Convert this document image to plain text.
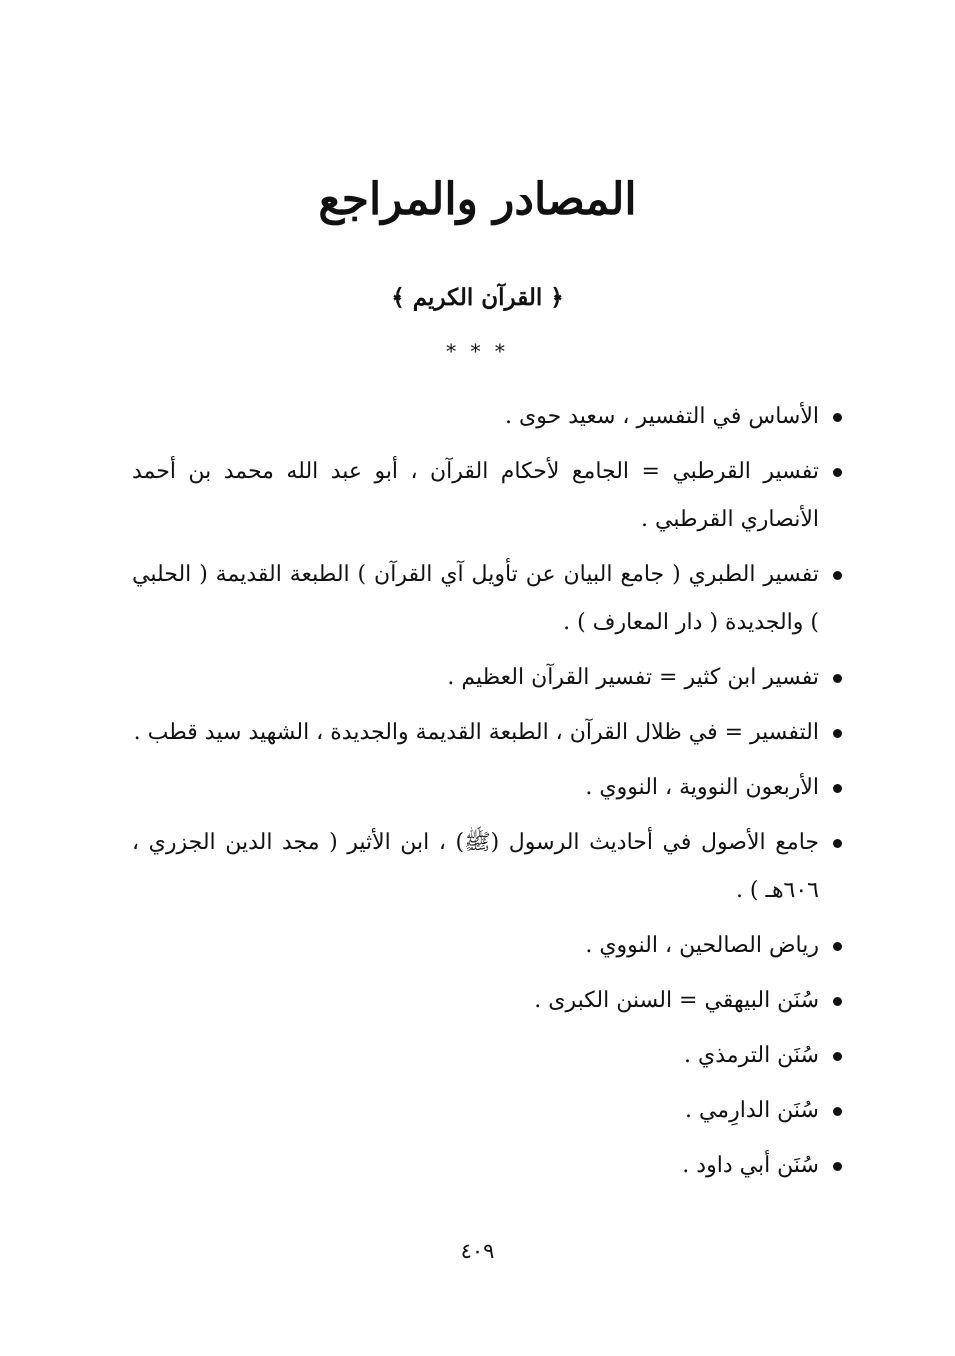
المصادر والمراجع
﴿ القرآن الكريم ﴾
* * *
الأساس في التفسير ، سعيد حوى .
تفسير القرطبي = الجامع لأحكام القرآن ، أبو عبد الله محمد بن أحمد الأنصاري القرطبي .
تفسير الطبري ( جامع البيان عن تأويل آي القرآن ) الطبعة القديمة ( الحلبي ) والجديدة ( دار المعارف ) .
تفسير ابن كثير = تفسير القرآن العظيم .
التفسير = في ظلال القرآن ، الطبعة القديمة والجديدة ، الشهيد سيد قطب .
الأربعون النووية ، النووي .
جامع الأصول في أحاديث الرسول (ﷺ) ، ابن الأثير ( مجد الدين الجزري ، ٦٠٦هـ ) .
رياض الصالحين ، النووي .
سُنَن البيهقي = السنن الكبرى .
سُنَن الترمذي .
سُنَن الدارِمي .
سُنَن أبي داود .
٤٠٩
